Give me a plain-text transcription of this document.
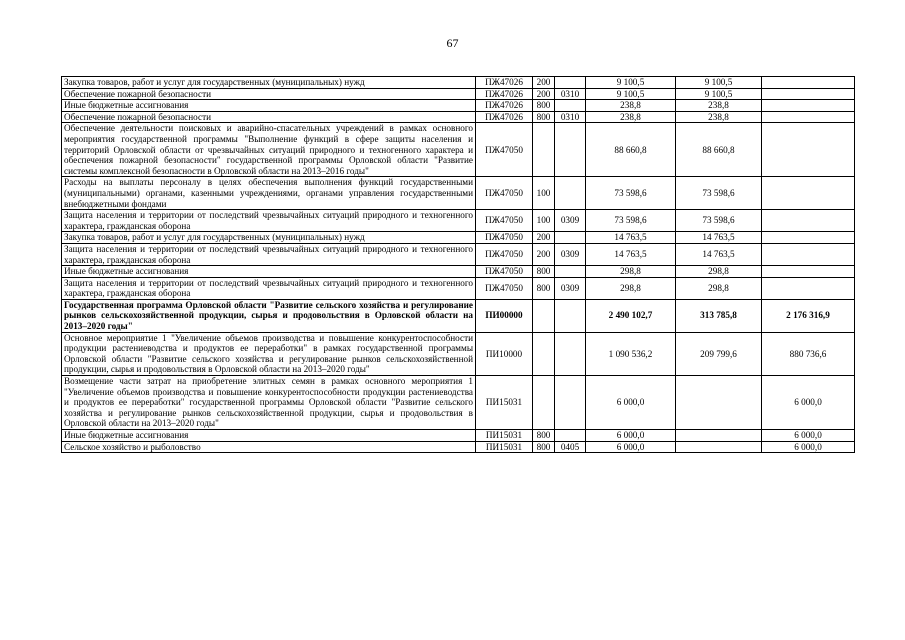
67
Закупка товаров, работ и услуг для государственных (муниципальных) нужд	ПЖ47026	200		9 100,5	9 100,5	
Обеспечение пожарной безопасности	ПЖ47026	200	0310	9 100,5	9 100,5	
Иные бюджетные ассигнования	ПЖ47026	800		238,8	238,8	
Обеспечение пожарной безопасности	ПЖ47026	800	0310	238,8	238,8	
Обеспечение деятельности поисковых и аварийно-спасательных учреждений в рамках основного мероприятия государственной программы "Выполнение функций в сфере защиты населения и территорий Орловской области от чрезвычайных ситуаций природного и техногенного характера и обеспечения пожарной безопасности" государственной программы Орловской области "Развитие системы комплексной безопасности в Орловской области на 2013–2016 годы"	ПЖ47050			88 660,8	88 660,8	
Расходы на выплаты персоналу в целях обеспечения выполнения функций государственными (муниципальными) органами, казенными учреждениями, органами управления государственными внебюджетными фондами	ПЖ47050	100		73 598,6	73 598,6	
Защита населения и территории от последствий чрезвычайных ситуаций природного и техногенного характера, гражданская оборона	ПЖ47050	100	0309	73 598,6	73 598,6	
Закупка товаров, работ и услуг для государственных (муниципальных) нужд	ПЖ47050	200		14 763,5	14 763,5	
Защита населения и территории от последствий чрезвычайных ситуаций природного и техногенного характера, гражданская оборона	ПЖ47050	200	0309	14 763,5	14 763,5	
Иные бюджетные ассигнования	ПЖ47050	800		298,8	298,8	
Защита населения и территории от последствий чрезвычайных ситуаций природного и техногенного характера, гражданская оборона	ПЖ47050	800	0309	298,8	298,8	
Государственная программа Орловской области "Развитие сельского хозяйства и регулирование рынков сельскохозяйственной продукции, сырья и продовольствия в Орловской области на 2013–2020 годы"	ПИ00000			2 490 102,7	313 785,8	2 176 316,9
Основное мероприятие 1 "Увеличение объемов производства и повышение конкурентоспособности продукции растениеводства и продуктов ее переработки" в рамках государственной программы Орловской области "Развитие сельского хозяйства и регулирование рынков сельскохозяйственной продукции, сырья и продовольствия в Орловской области на 2013–2020 годы"	ПИ10000			1 090 536,2	209 799,6	880 736,6
Возмещение части затрат на приобретение элитных семян в рамках основного мероприятия 1 "Увеличение объемов производства и повышение конкурентоспособности продукции растениеводства и продуктов ее переработки" государственной программы Орловской области "Развитие сельского хозяйства и регулирование рынков сельскохозяйственной продукции, сырья и продовольствия в Орловской области на 2013–2020 годы"	ПИ15031			6 000,0		6 000,0
Иные бюджетные ассигнования	ПИ15031	800		6 000,0		6 000,0
Сельское хозяйство и рыболовство	ПИ15031	800	0405	6 000,0		6 000,0
